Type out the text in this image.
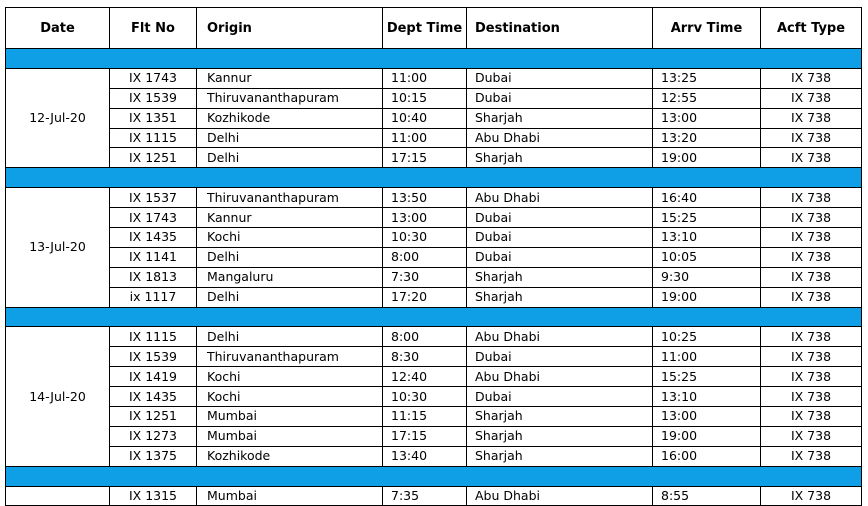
Date	Flt No	Origin	Dept Time	Destination	Arrv Time	Acft Type

12-Jul-20	IX 1743	Kannur	11:00	Dubai	13:25	IX 738
	IX 1539	Thiruvananthapuram	10:15	Dubai	12:55	IX 738
	IX 1351	Kozhikode	10:40	Sharjah	13:00	IX 738
	IX 1115	Delhi	11:00	Abu Dhabi	13:20	IX 738
	IX 1251	Delhi	17:15	Sharjah	19:00	IX 738

13-Jul-20	IX 1537	Thiruvananthapuram	13:50	Abu Dhabi	16:40	IX 738
	IX 1743	Kannur	13:00	Dubai	15:25	IX 738
	IX 1435	Kochi	10:30	Dubai	13:10	IX 738
	IX 1141	Delhi	8:00	Dubai	10:05	IX 738
	IX 1813	Mangaluru	7:30	Sharjah	9:30	IX 738
	ix 1117	Delhi	17:20	Sharjah	19:00	IX 738

14-Jul-20	IX 1115	Delhi	8:00	Abu Dhabi	10:25	IX 738
	IX 1539	Thiruvananthapuram	8:30	Dubai	11:00	IX 738
	IX 1419	Kochi	12:40	Abu Dhabi	15:25	IX 738
	IX 1435	Kochi	10:30	Dubai	13:10	IX 738
	IX 1251	Mumbai	11:15	Sharjah	13:00	IX 738
	IX 1273	Mumbai	17:15	Sharjah	19:00	IX 738
	IX 1375	Kozhikode	13:40	Sharjah	16:00	IX 738

	IX 1315	Mumbai	7:35	Abu Dhabi	8:55	IX 738
